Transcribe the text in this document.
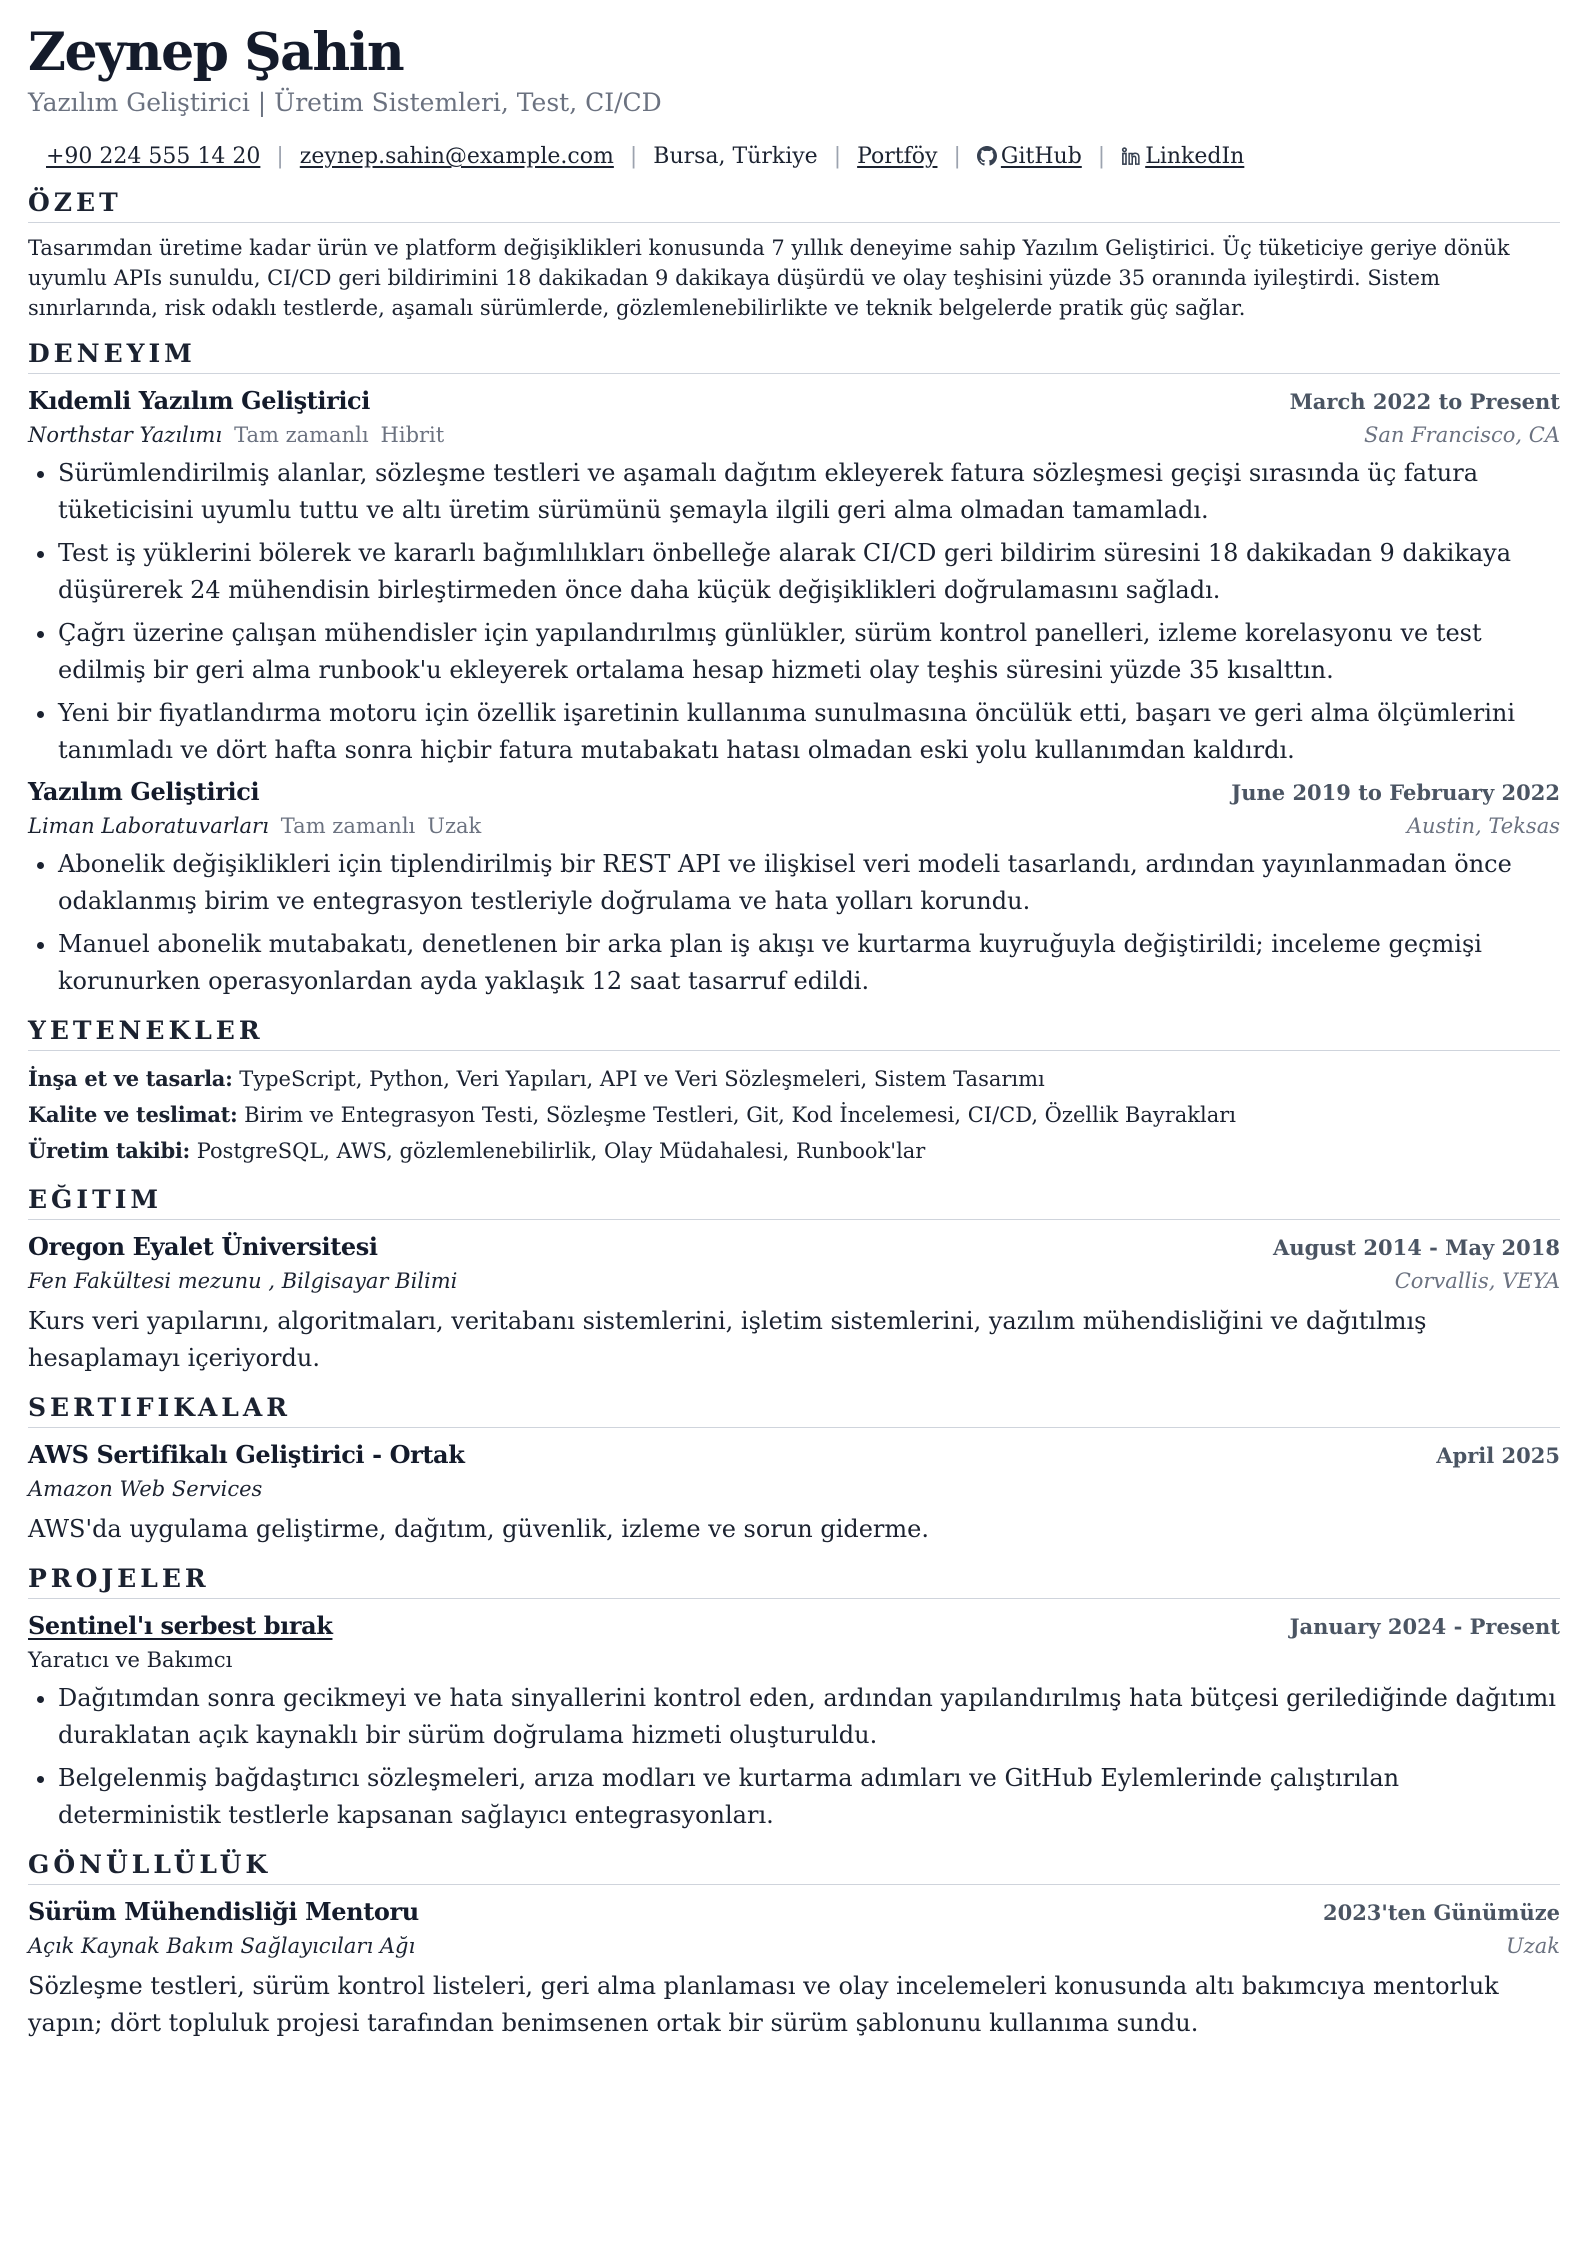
Zeynep Şahin
Yazılım Geliştirici | Üretim Sistemleri, Test, CI/CD
+90 224 555 14 20 | zeynep.sahin@example.com | Bursa, Türkiye | Portföy |	GitHub |	LinkedIn
ÖZET

Tasarımdan üretime kadar ürün ve platform değişiklikleri konusunda 7 yıllık deneyime sahip Yazılım Geliştirici. Üç tüketiciye geriye dönük uyumlu APIs sunuldu, CI/CD geri bildirimini 18 dakikadan 9 dakikaya düşürdü ve olay teşhisini yüzde 35 oranında iyileştirdi. Sistem sınırlarında, risk odaklı testlerde, aşamalı sürümlerde, gözlemlenebilirlikte ve teknik belgelerde pratik güç sağlar.

DENEYIM
Kıdemli Yazılım Geliştirici	March 2022 to Present
Northstar Yazılımı Tam zamanlı Hibrit	San Francisco, CA
• Sürümlendirilmiş alanlar, sözleşme testleri ve aşamalı dağıtım ekleyerek fatura sözleşmesi geçişi sırasında üç fatura tüketicisini uyumlu tuttu ve altı üretim sürümünü şemayla ilgili geri alma olmadan tamamladı.
• Test iş yüklerini bölerek ve kararlı bağımlılıkları önbelleğe alarak CI/CD geri bildirim süresini 18 dakikadan 9 dakikaya düşürerek 24 mühendisin birleştirmeden önce daha küçük değişiklikleri doğrulamasını sağladı.
• Çağrı üzerine çalışan mühendisler için yapılandırılmış günlükler, sürüm kontrol panelleri, izleme korelasyonu ve test edilmiş bir geri alma runbook'u ekleyerek ortalama hesap hizmeti olay teşhis süresini yüzde 35 kısalttın.
• Yeni bir fiyatlandırma motoru için özellik işaretinin kullanıma sunulmasına öncülük etti, başarı ve geri alma ölçümlerini tanımladı ve dört hafta sonra hiçbir fatura mutabakatı hatası olmadan eski yolu kullanımdan kaldırdı.
Yazılım Geliştirici	June 2019 to February 2022
Liman Laboratuvarları Tam zamanlı Uzak	Austin, Teksas
• Abonelik değişiklikleri için tiplendirilmiş bir REST API ve ilişkisel veri modeli tasarlandı, ardından yayınlanmadan önce odaklanmış birim ve entegrasyon testleriyle doğrulama ve hata yolları korundu.
• Manuel abonelik mutabakatı, denetlenen bir arka plan iş akışı ve kurtarma kuyruğuyla değiştirildi; inceleme geçmişi korunurken operasyonlardan ayda yaklaşık 12 saat tasarruf edildi.
YETENEKLER
İnşa et ve tasarla: TypeScript, Python, Veri Yapıları, API ve Veri Sözleşmeleri, Sistem Tasarımı
Kalite ve teslimat: Birim ve Entegrasyon Testi, Sözleşme Testleri, Git, Kod İncelemesi, CI/CD, Özellik Bayrakları
Üretim takibi: PostgreSQL, AWS, gözlemlenebilirlik, Olay Müdahalesi, Runbook'lar
EĞITIM
Oregon Eyalet Üniversitesi	August 2014 - May 2018
Fen Fakültesi mezunu , Bilgisayar Bilimi	Corvallis, VEYA

Kurs veri yapılarını, algoritmaları, veritabanı sistemlerini, işletim sistemlerini, yazılım mühendisliğini ve dağıtılmış hesaplamayı içeriyordu.

SERTIFIKALAR
AWS Sertifikalı Geliştirici - Ortak	April 2025
Amazon Web Services

AWS'da uygulama geliştirme, dağıtım, güvenlik, izleme ve sorun giderme.

PROJELER
Sentinel'ı serbest bırak	January 2024 - Present
Yaratıcı ve Bakımcı
• Dağıtımdan sonra gecikmeyi ve hata sinyallerini kontrol eden, ardından yapılandırılmış hata bütçesi gerilediğinde dağıtımı duraklatan açık kaynaklı bir sürüm doğrulama hizmeti oluşturuldu.
• Belgelenmiş bağdaştırıcı sözleşmeleri, arıza modları ve kurtarma adımları ve GitHub Eylemlerinde çalıştırılan deterministik testlerle kapsanan sağlayıcı entegrasyonları.
GÖNÜLLÜLÜK
Sürüm Mühendisliği Mentoru	2023'ten Günümüze
Açık Kaynak Bakım Sağlayıcıları Ağı	Uzak

Sözleşme testleri, sürüm kontrol listeleri, geri alma planlaması ve olay incelemeleri konusunda altı bakımcıya mentorluk yapın; dört topluluk projesi tarafından benimsenen ortak bir sürüm şablonunu kullanıma sundu.
